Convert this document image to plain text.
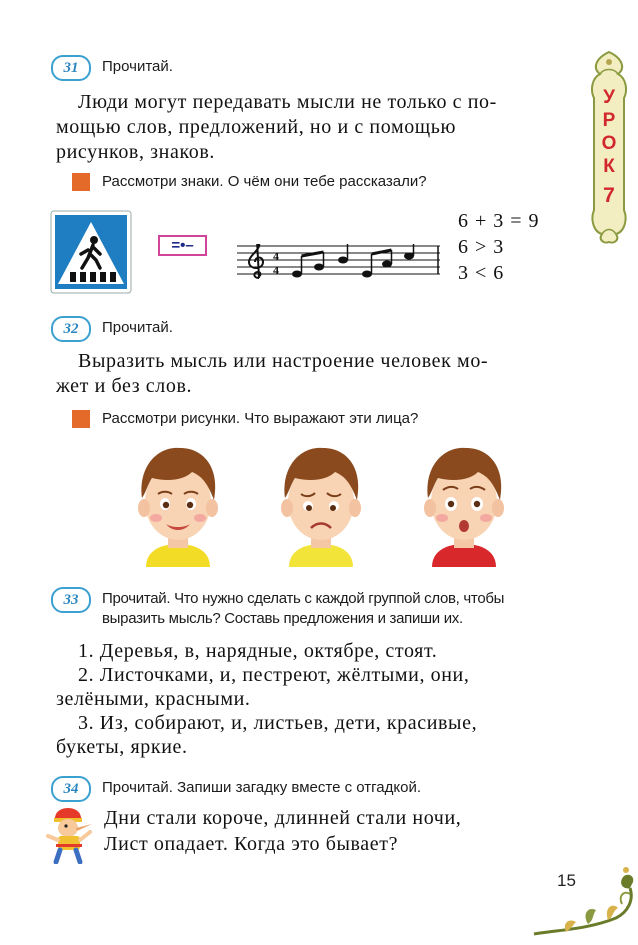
У
Р
О
К
7
31	Прочитай.
Люди могут передавать мысли не только с по-
мощью слов, предложений, но и с помощью
рисунков, знаков.
Рассмотри знаки. О чём они тебе рассказали?
=•–
4
4
6 + 3 = 9
6 > 3
3 < 6
32	Прочитай.
Выразить мысль или настроение человек мо-
жет и без слов.
Рассмотри рисунки. Что выражают эти лица?
33	Прочитай. Что нужно сделать с каждой группой слов, чтобы
выразить мысль? Составь предложения и запиши их.
1. Деревья, в, нарядные, октябре, стоят.
2. Листочками, и, пестреют, жёлтыми, они,
зелёными, красными.
3. Из, собирают, и, листьев, дети, красивые,
букеты, яркие.
34	Прочитай. Запиши загадку вместе с отгадкой.
Дни стали короче, длинней стали ночи,
Лист опадает. Когда это бывает?
15
